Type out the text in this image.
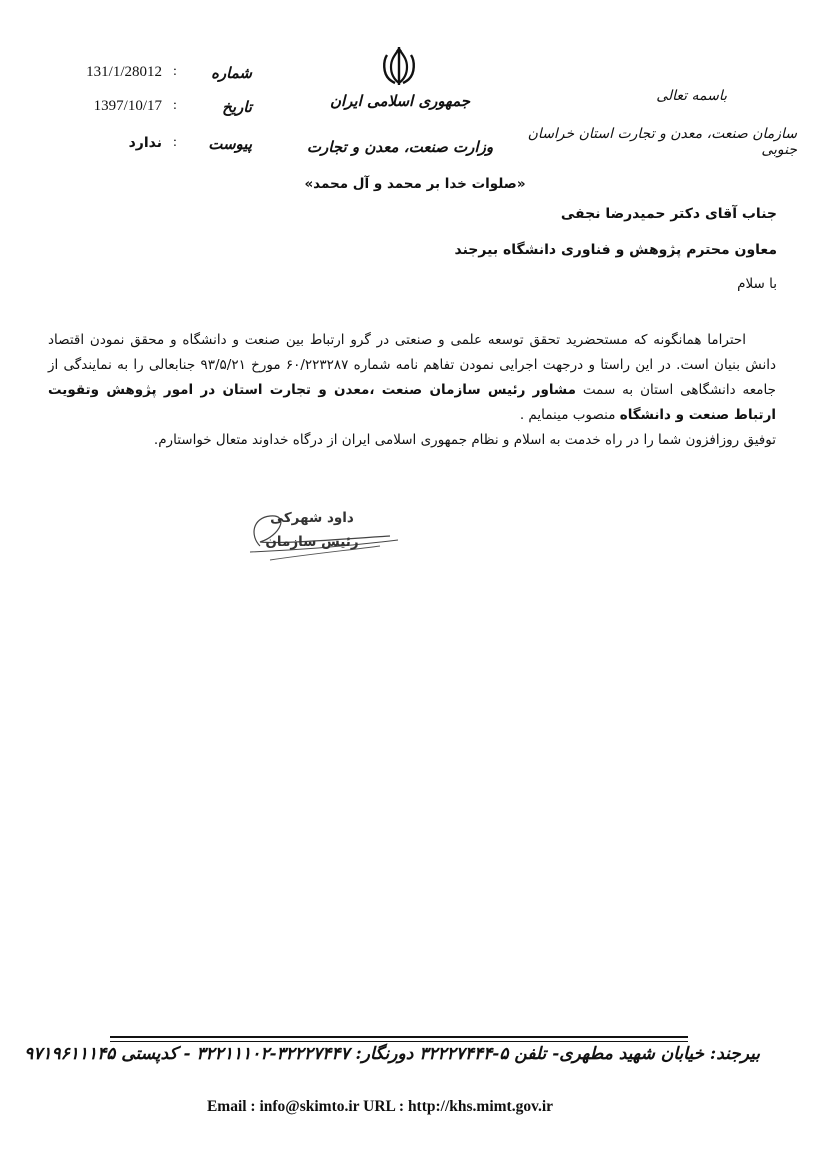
131/1/28012 :	شماره
1397/10/17 :	تاریخ
ندارد :	پیوست
جمهوری اسلامی ایران
وزارت صنعت، معدن و تجارت
باسمه تعالی
سازمان صنعت، معدن و تجارت استان خراسان جنوبی
«صلوات خدا بر محمد و آل محمد»
جناب آقای دکتر حمیدرضا نجفی
معاون محترم پژوهش و فناوری دانشگاه بیرجند
با سلام

احتراما همانگونه که مستحضرید تحقق توسعه علمی و صنعتی در گرو ارتباط بین صنعت و دانشگاه و محقق نمودن اقتصاد دانش بنیان است. در این راستا و درجهت اجرایی نمودن تفاهم نامه شماره ۶۰/۲۲۳۲۸۷ مورخ ۹۳/۵/۲۱ جنابعالی را به نمایندگی از جامعه دانشگاهی استان به سمت مشاور رئیس سازمان صنعت ،معدن و تجارت استان در امور پژوهش وتقویت ارتباط صنعت و دانشگاه منصوب مینمایم .

توفیق روزافزون شما را در راه خدمت به اسلام و نظام جمهوری اسلامی ایران از درگاه خداوند متعال خواستارم.

داود شهرکی
رئیس سازمان
بیرجند: خیابان شهید مطهری- تلفن ۵-۳۲۲۲۷۴۴۴ دورنگار: ۳۲۲۲۷۴۴۷-۳۲۲۱۱۱۰۲ - کدپستی ۹۷۱۹۶۱۱۱۴۵
Email : info@skimto.ir URL : http://khs.mimt.gov.ir
